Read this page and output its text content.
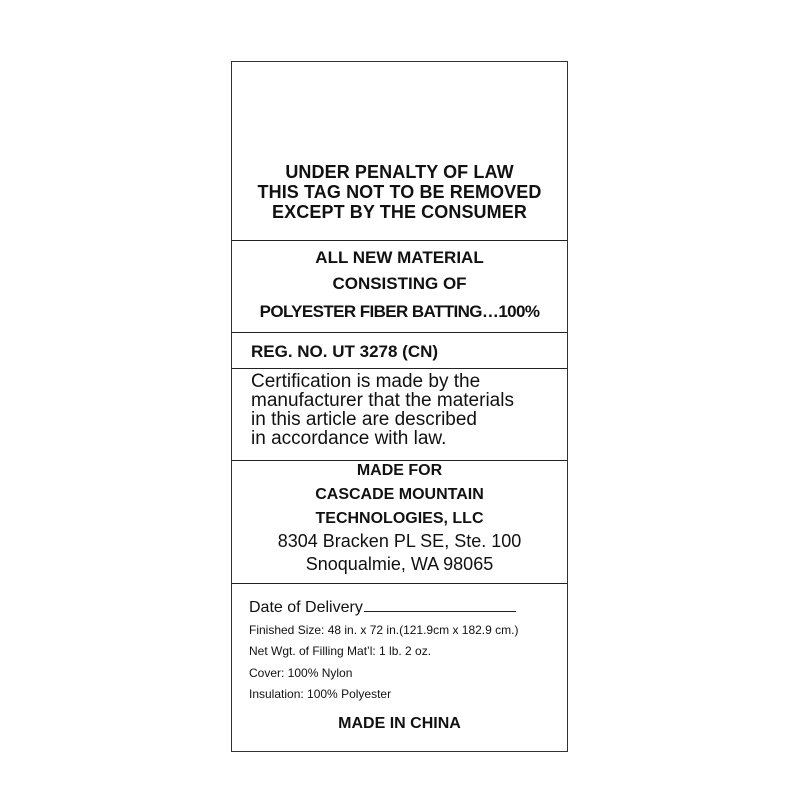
UNDER PENALTY OF LAW
THIS TAG NOT TO BE REMOVED
EXCEPT BY THE CONSUMER
ALL NEW MATERIAL
CONSISTING OF
POLYESTER FIBER BATTING…100%
REG. NO. UT 3278 (CN)
Certification is made by the
manufacturer that the materials
in this article are described
in accordance with law.
MADE FOR
CASCADE MOUNTAIN
TECHNOLOGIES, LLC
8304 Bracken PL SE, Ste. 100
Snoqualmie, WA 98065
Date of Delivery
Finished Size: 48 in. x 72 in.(121.9cm x 182.9 cm.)
Net Wgt. of Filling Mat’l: 1 lb. 2 oz.
Cover: 100% Nylon
Insulation: 100% Polyester
MADE IN CHINA
